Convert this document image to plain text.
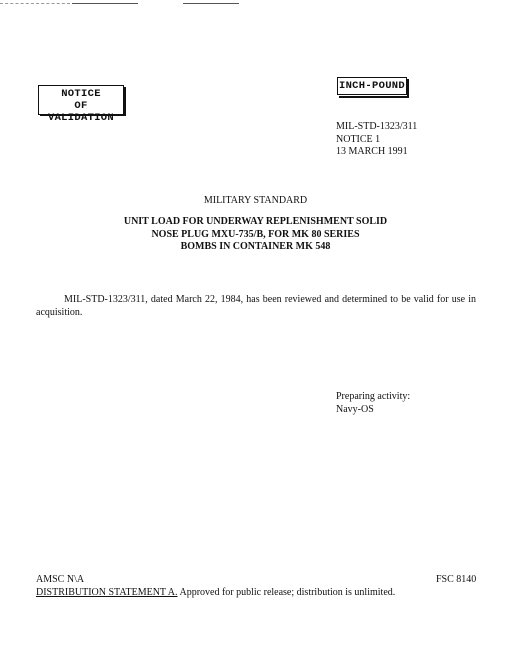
NOTICE
OF VALIDATION
INCH-POUND
MIL-STD-1323/311
NOTICE 1
13 MARCH 1991
MILITARY STANDARD
UNIT LOAD FOR UNDERWAY REPLENISHMENT SOLID
NOSE PLUG MXU-735/B, FOR MK 80 SERIES
BOMBS IN CONTAINER MK 548

MIL-STD-1323/311, dated March 22, 1984, has been reviewed and determined to be valid for use in acquisition.

Preparing activity:
Navy-OS
AMSC N\A
DISTRIBUTION STATEMENT A. Approved for public release; distribution is unlimited.
FSC 8140
